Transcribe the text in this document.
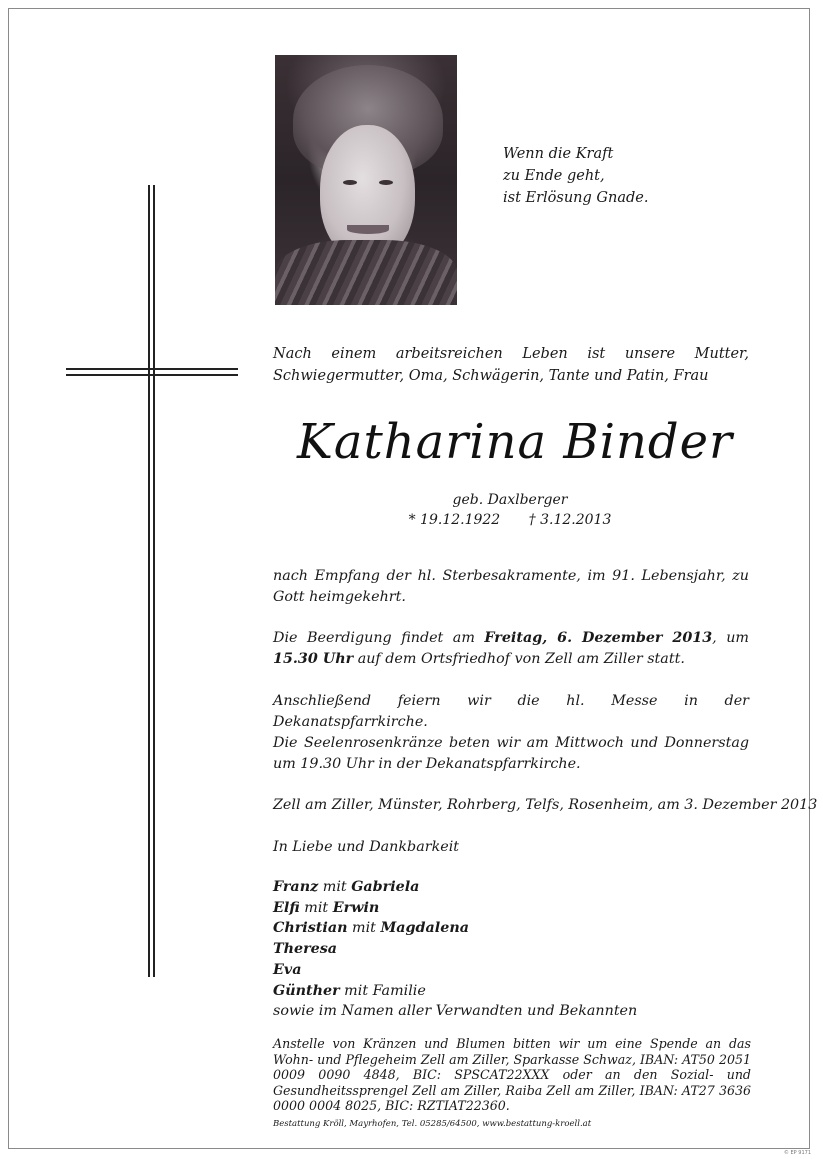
Wenn die Kraft
zu Ende geht,
ist Erlösung Gnade.
Nach einem arbeitsreichen Leben ist unsere Mutter, Schwiegermutter, Oma, Schwägerin, Tante und Patin, Frau
Katharina Binder
geb. Daxlberger
* 19.12.1922 † 3.12.2013

nach Empfang der hl. Sterbesakramente, im 91. Lebensjahr, zu Gott heimgekehrt.

Die Beerdigung findet am Freitag, 6. Dezember 2013, um 15.30 Uhr auf dem Ortsfriedhof von Zell am Ziller statt.

Anschließend feiern wir die hl. Messe in der Dekanatspfarrkirche.

Die Seelenrosenkränze beten wir am Mittwoch und Donnerstag um 19.30 Uhr in der Dekanatspfarrkirche.

Zell am Ziller, Münster, Rohrberg, Telfs, Rosenheim, am 3. Dezember 2013

In Liebe und Dankbarkeit

Franz mit Gabriela
Elfi mit Erwin
Christian mit Magdalena
Theresa
Eva
Günther mit Familie
sowie im Namen aller Verwandten und Bekannten
Anstelle von Kränzen und Blumen bitten wir um eine Spende an das Wohn- und Pflegeheim Zell am Ziller, Sparkasse Schwaz, IBAN: AT50 2051 0009 0090 4848, BIC: SPSCAT22XXX oder an den Sozial- und Gesundheitssprengel Zell am Ziller, Raiba Zell am Ziller, IBAN: AT27 3636 0000 0004 8025, BIC: RZTIAT22360.
Bestattung Kröll, Mayrhofen, Tel. 05285/64500, www.bestattung-kroell.at
© EP 9171
